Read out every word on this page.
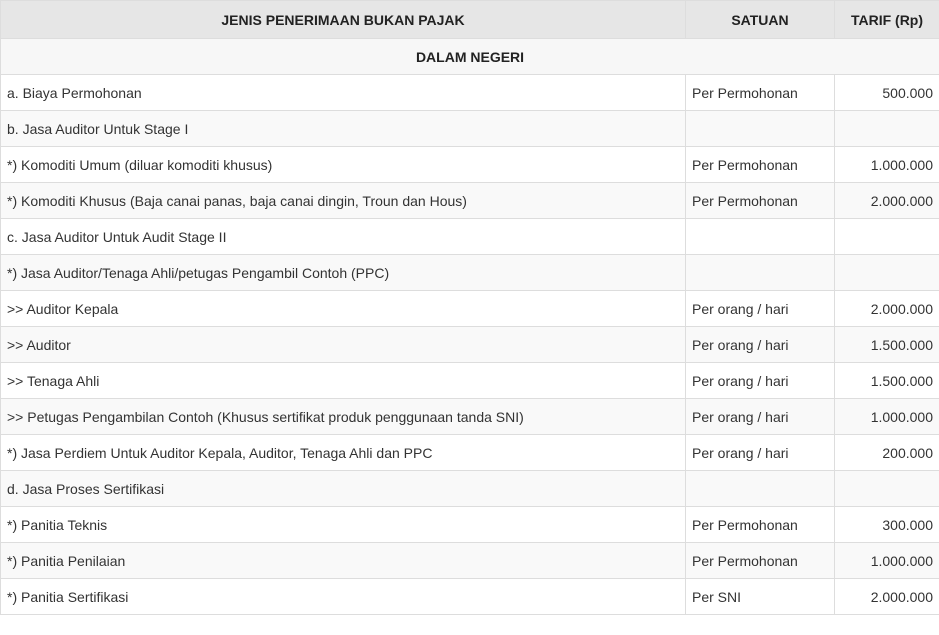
JENIS PENERIMAAN BUKAN PAJAK	SATUAN	TARIF (Rp)
DALAM NEGERI		
a. Biaya Permohonan	Per Permohonan	500.000
b. Jasa Auditor Untuk Stage I		
*) Komoditi Umum (diluar komoditi khusus)	Per Permohonan	1.000.000
*) Komoditi Khusus (Baja canai panas, baja canai dingin, Troun dan Hous)	Per Permohonan	2.000.000
c. Jasa Auditor Untuk Audit Stage II		
*) Jasa Auditor/Tenaga Ahli/petugas Pengambil Contoh (PPC)		
>> Auditor Kepala	Per orang / hari	2.000.000
>> Auditor	Per orang / hari	1.500.000
>> Tenaga Ahli	Per orang / hari	1.500.000
>> Petugas Pengambilan Contoh (Khusus sertifikat produk penggunaan tanda SNI)	Per orang / hari	1.000.000
*) Jasa Perdiem Untuk Auditor Kepala, Auditor, Tenaga Ahli dan PPC	Per orang / hari	200.000
d. Jasa Proses Sertifikasi		
*) Panitia Teknis	Per Permohonan	300.000
*) Panitia Penilaian	Per Permohonan	1.000.000
*) Panitia Sertifikasi	Per SNI	2.000.000
